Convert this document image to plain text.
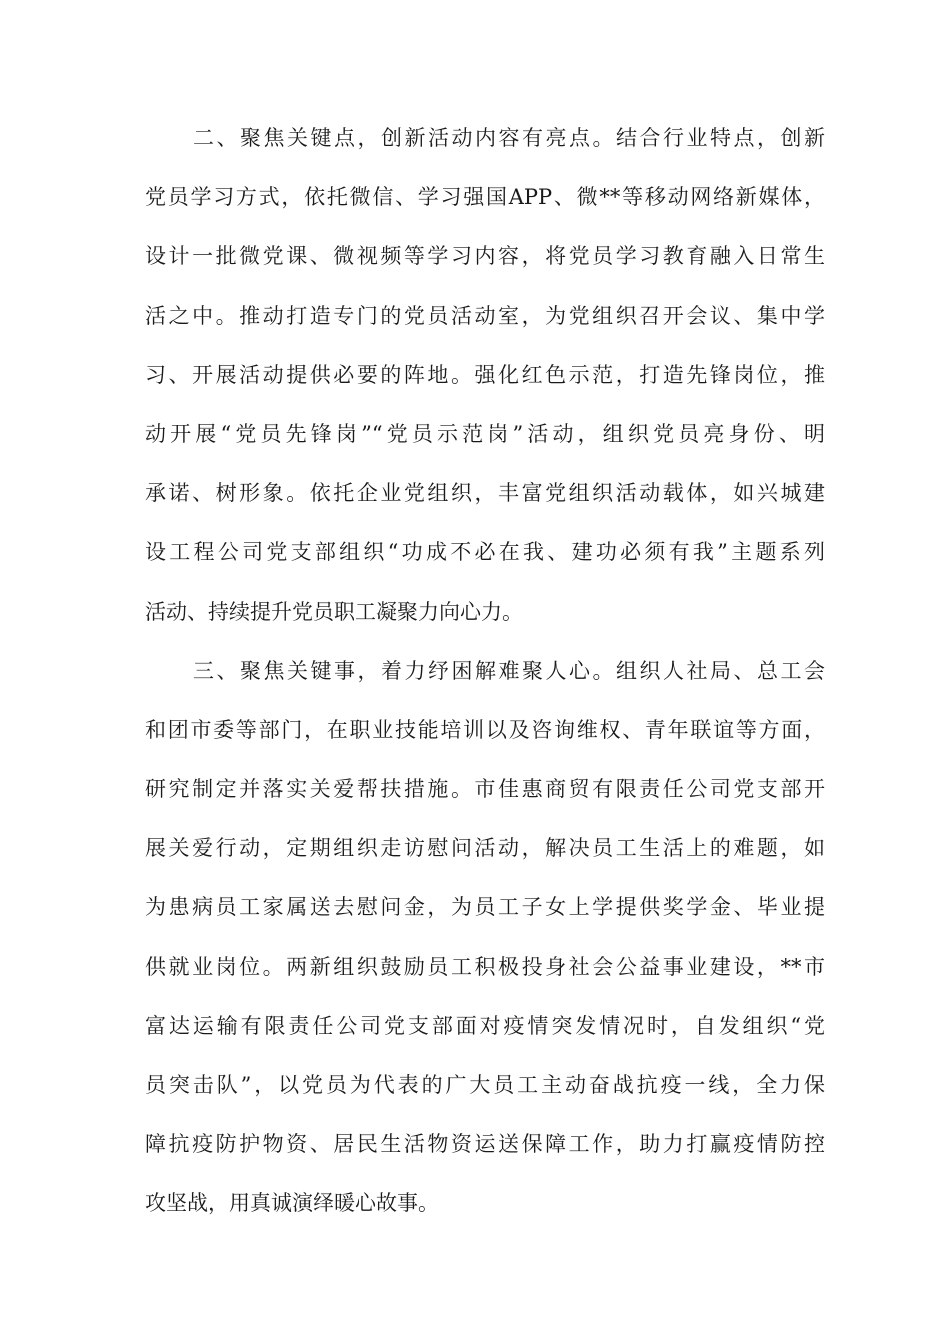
二、聚焦关键点，创新活动内容有亮点。结合行业特点，创新
党员学习方式，依托微信、学习强国APP、微**等移动网络新媒体，
设计一批微党课、微视频等学习内容，将党员学习教育融入日常生
活之中。推动打造专门的党员活动室，为党组织召开会议、集中学
习、开展活动提供必要的阵地。强化红色示范，打造先锋岗位，推
动开展“党员先锋岗”“党员示范岗”活动，组织党员亮身份、明
承诺、树形象。依托企业党组织，丰富党组织活动载体，如兴城建
设工程公司党支部组织“功成不必在我、建功必须有我”主题系列
活动、持续提升党员职工凝聚力向心力。
三、聚焦关键事，着力纾困解难聚人心。组织人社局、总工会
和团市委等部门，在职业技能培训以及咨询维权、青年联谊等方面，
研究制定并落实关爱帮扶措施。市佳惠商贸有限责任公司党支部开
展关爱行动，定期组织走访慰问活动，解决员工生活上的难题，如
为患病员工家属送去慰问金，为员工子女上学提供奖学金、毕业提
供就业岗位。两新组织鼓励员工积极投身社会公益事业建设，**市
富达运输有限责任公司党支部面对疫情突发情况时，自发组织“党
员突击队”，以党员为代表的广大员工主动奋战抗疫一线，全力保
障抗疫防护物资、居民生活物资运送保障工作，助力打赢疫情防控
攻坚战，用真诚演绎暖心故事。
